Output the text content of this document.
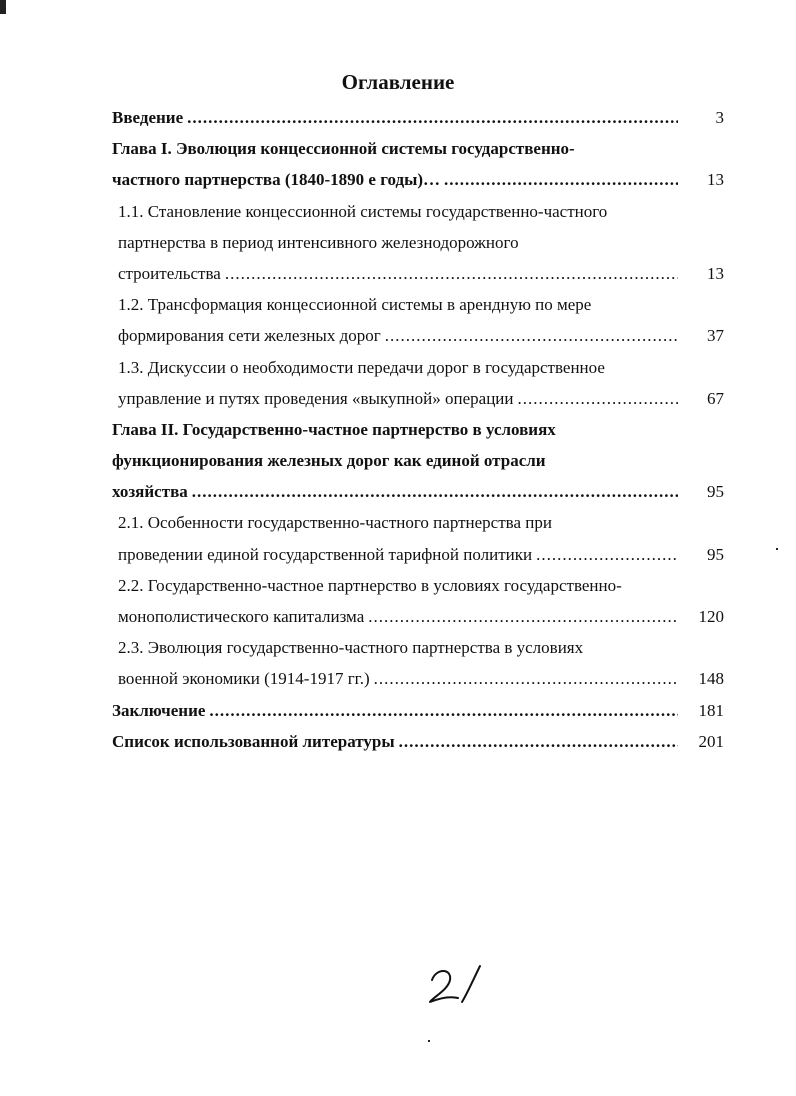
Оглавление
Введение .....	3
Глава I. Эволюция концессионной системы государственно-
частного партнерства (1840-1890 е годы)… .....	13
1.1. Становление концессионной системы государственно-частного
партнерства в период интенсивного железнодорожного
строительства .....	13
1.2. Трансформация концессионной системы в арендную по мере
формирования сети железных дорог .....	37
1.3. Дискуссии о необходимости передачи дорог в государственное
управление и путях проведения «выкупной» операции .....	67
Глава II. Государственно-частное партнерство в условиях
функционирования железных дорог как единой отрасли
хозяйства .....	95
2.1. Особенности государственно-частного партнерства при
проведении единой государственной тарифной политики .....	95
2.2. Государственно-частное партнерство в условиях государственно-
монополистического капитализма .....	120
2.3. Эволюция государственно-частного партнерства в условиях
военной экономики (1914-1917 гг.) .....	148
Заключение .....	181
Список использованной литературы .....	201
